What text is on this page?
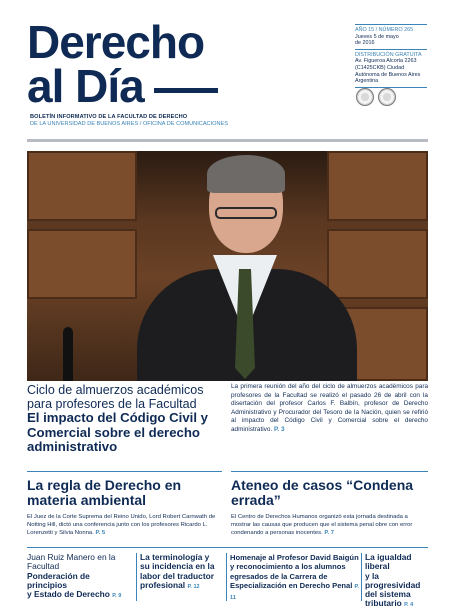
Derecho
al Día
BOLETÍN INFORMATIVO DE LA FACULTAD DE DERECHO
DE LA UNIVERSIDAD DE BUENOS AIRES / OFICINA DE COMUNICACIONES
AÑO 15 / NÚMERO 265
Jueves 5 de mayo
de 2016
DISTRIBUCIÓN GRATUITA
Av. Figueroa Alcorta 2263
(C1425CKB) Ciudad
Autónoma de Buenos Aires
Argentina
Ciclo de almuerzos académicos
para profesores de la Facultad
El impacto del Código Civil y
Comercial sobre el derecho
administrativo
La primera reunión del año del ciclo de almuerzos académicos para profesores de la Facultad se realizó el pasado 26 de abril con la disertación del profesor Carlos F. Balbín, profesor de Derecho Administrativo y Procurador del Tesoro de la Nación, quien se refirió al impacto del Código Civil y Comercial sobre el derecho administrativo. P. 3
La regla de Derecho en
materia ambiental
El Juez de la Corte Suprema del Reino Unido, Lord Robert Carnwath de Notting Hill, dictó una conferencia junto con los profesores Ricardo L. Lorenzetti y Silvia Nonna. P. 5
Ateneo de casos “Condena
errada”
El Centro de Derechos Humanos organizó esta jornada destinada a mostrar las causas que producen que el sistema penal obre con error condenando a personas inocentes. P. 7
Juan Ruiz Manero en la
Facultad
Ponderación de principios
y Estado de Derecho P. 9
La terminología y
su incidencia en la
labor del traductor
profesional P. 12
Homenaje al Profesor David Baigún
y reconocimiento a los alumnos
egresados de la Carrera de
Especialización en Derecho Penal P. 11
La igualdad liberal
y la progresividad
del sistema
tributario P. 4
